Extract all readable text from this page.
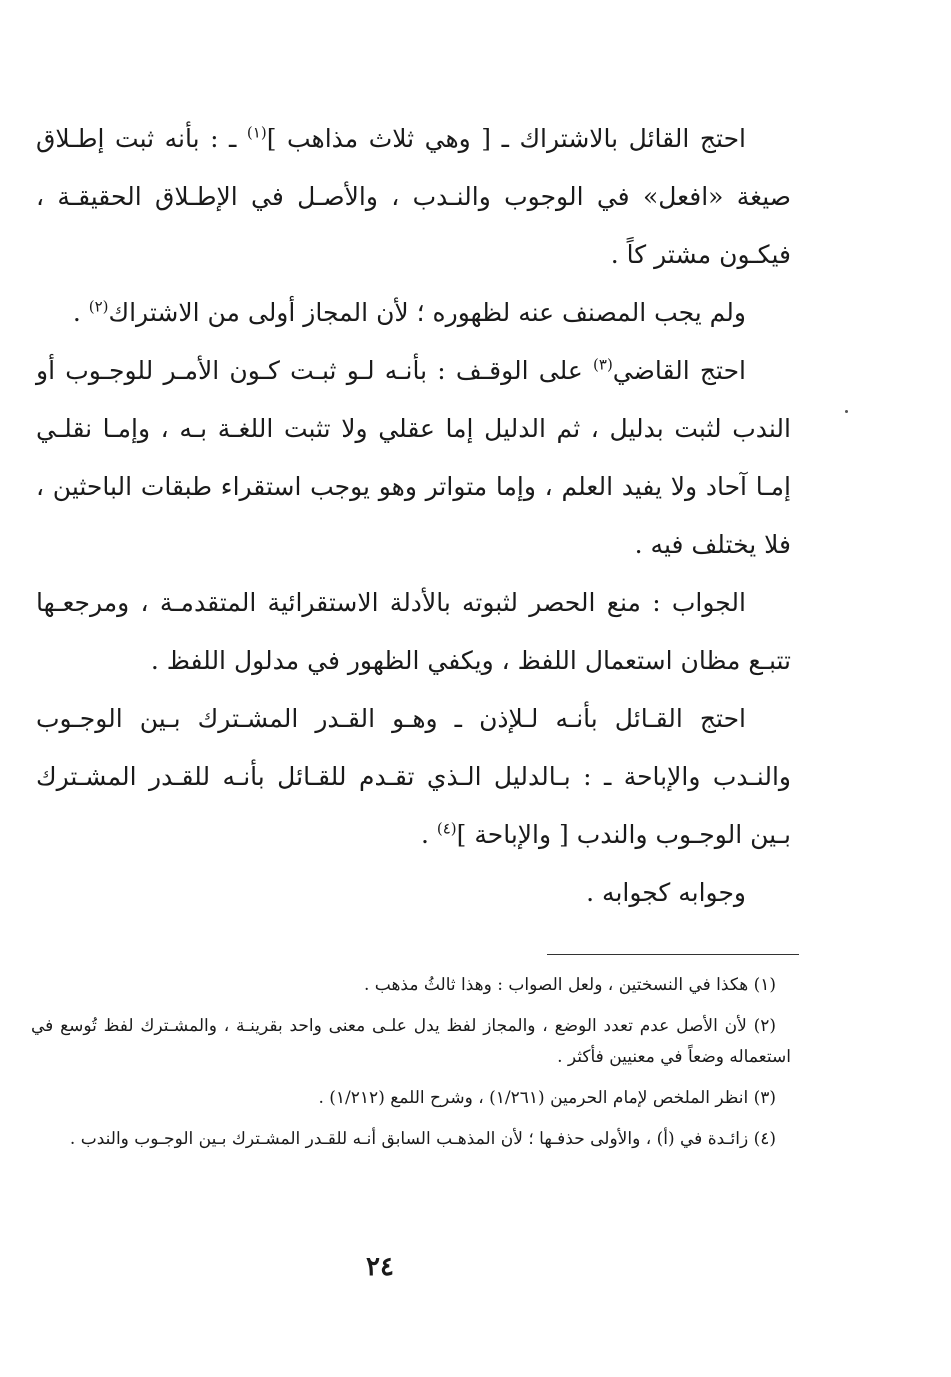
احتج القائل بالاشتراك ـ [ وهي ثلاث مذاهب ]$^{(١)}$ ـ : بأنه ثبت إطـلاق صيغة «افعل» في الوجوب والنـدب ، والأصـل في الإطـلاق الحقيقـة ، فيكـون مشتر كاً .

ولم يجب المصنف عنه لظهوره ؛ لأن المجاز أولى من الاشتراك$^{(٢)}$ .

احتج القاضي$^{(٣)}$ على الوقـف : بأنـه لـو ثبـت كـون الأمـر للوجـوب أو الندب لثبت بدليل ، ثم الدليل إما عقلي ولا تثبت اللغـة بـه ، وإمـا نقلـي إمـا آحاد ولا يفيد العلم ، وإما متواتر وهو يوجب استقراء طبقات الباحثين ، فلا يختلف فيه .

الجواب : منع الحصر لثبوته بالأدلة الاستقرائية المتقدمـة ، ومرجعـها تتبـع مظان استعمال اللفظ ، ويكفي الظهور في مدلول اللفظ .

احتج القـائل بأنـه لـلإذن ـ وهـو القـدر المشـترك بـين الوجـوب والنـدب والإباحة ـ : بـالدليل الـذي تقـدم للقـائل بأنـه للقـدر المشـترك بـين الوجـوب والندب [ والإباحة ]$^{(٤)}$ .

وجوابه كجوابه .

(١) هكذا في النسختين ، ولعل الصواب : وهذا ثالثُ مذهب .

(٢) لأن الأصل عدم تعدد الوضع ، والمجاز لفظ يدل علـى معنى واحد بقرينـة ، والمشـترك لفظ تُوسع في استعماله وضعاً في معنيين فأكثر .

(٣) انظر الملخص لإمام الحرمين (١/٢٦١) ، وشرح اللمع (١/٢١٢) .

(٤) زائـدة في (أ) ، والأولى حذفـها ؛ لأن المذهـب السابق أنـه للقـدر المشـترك بـين الوجـوب والندب .

٢٤
